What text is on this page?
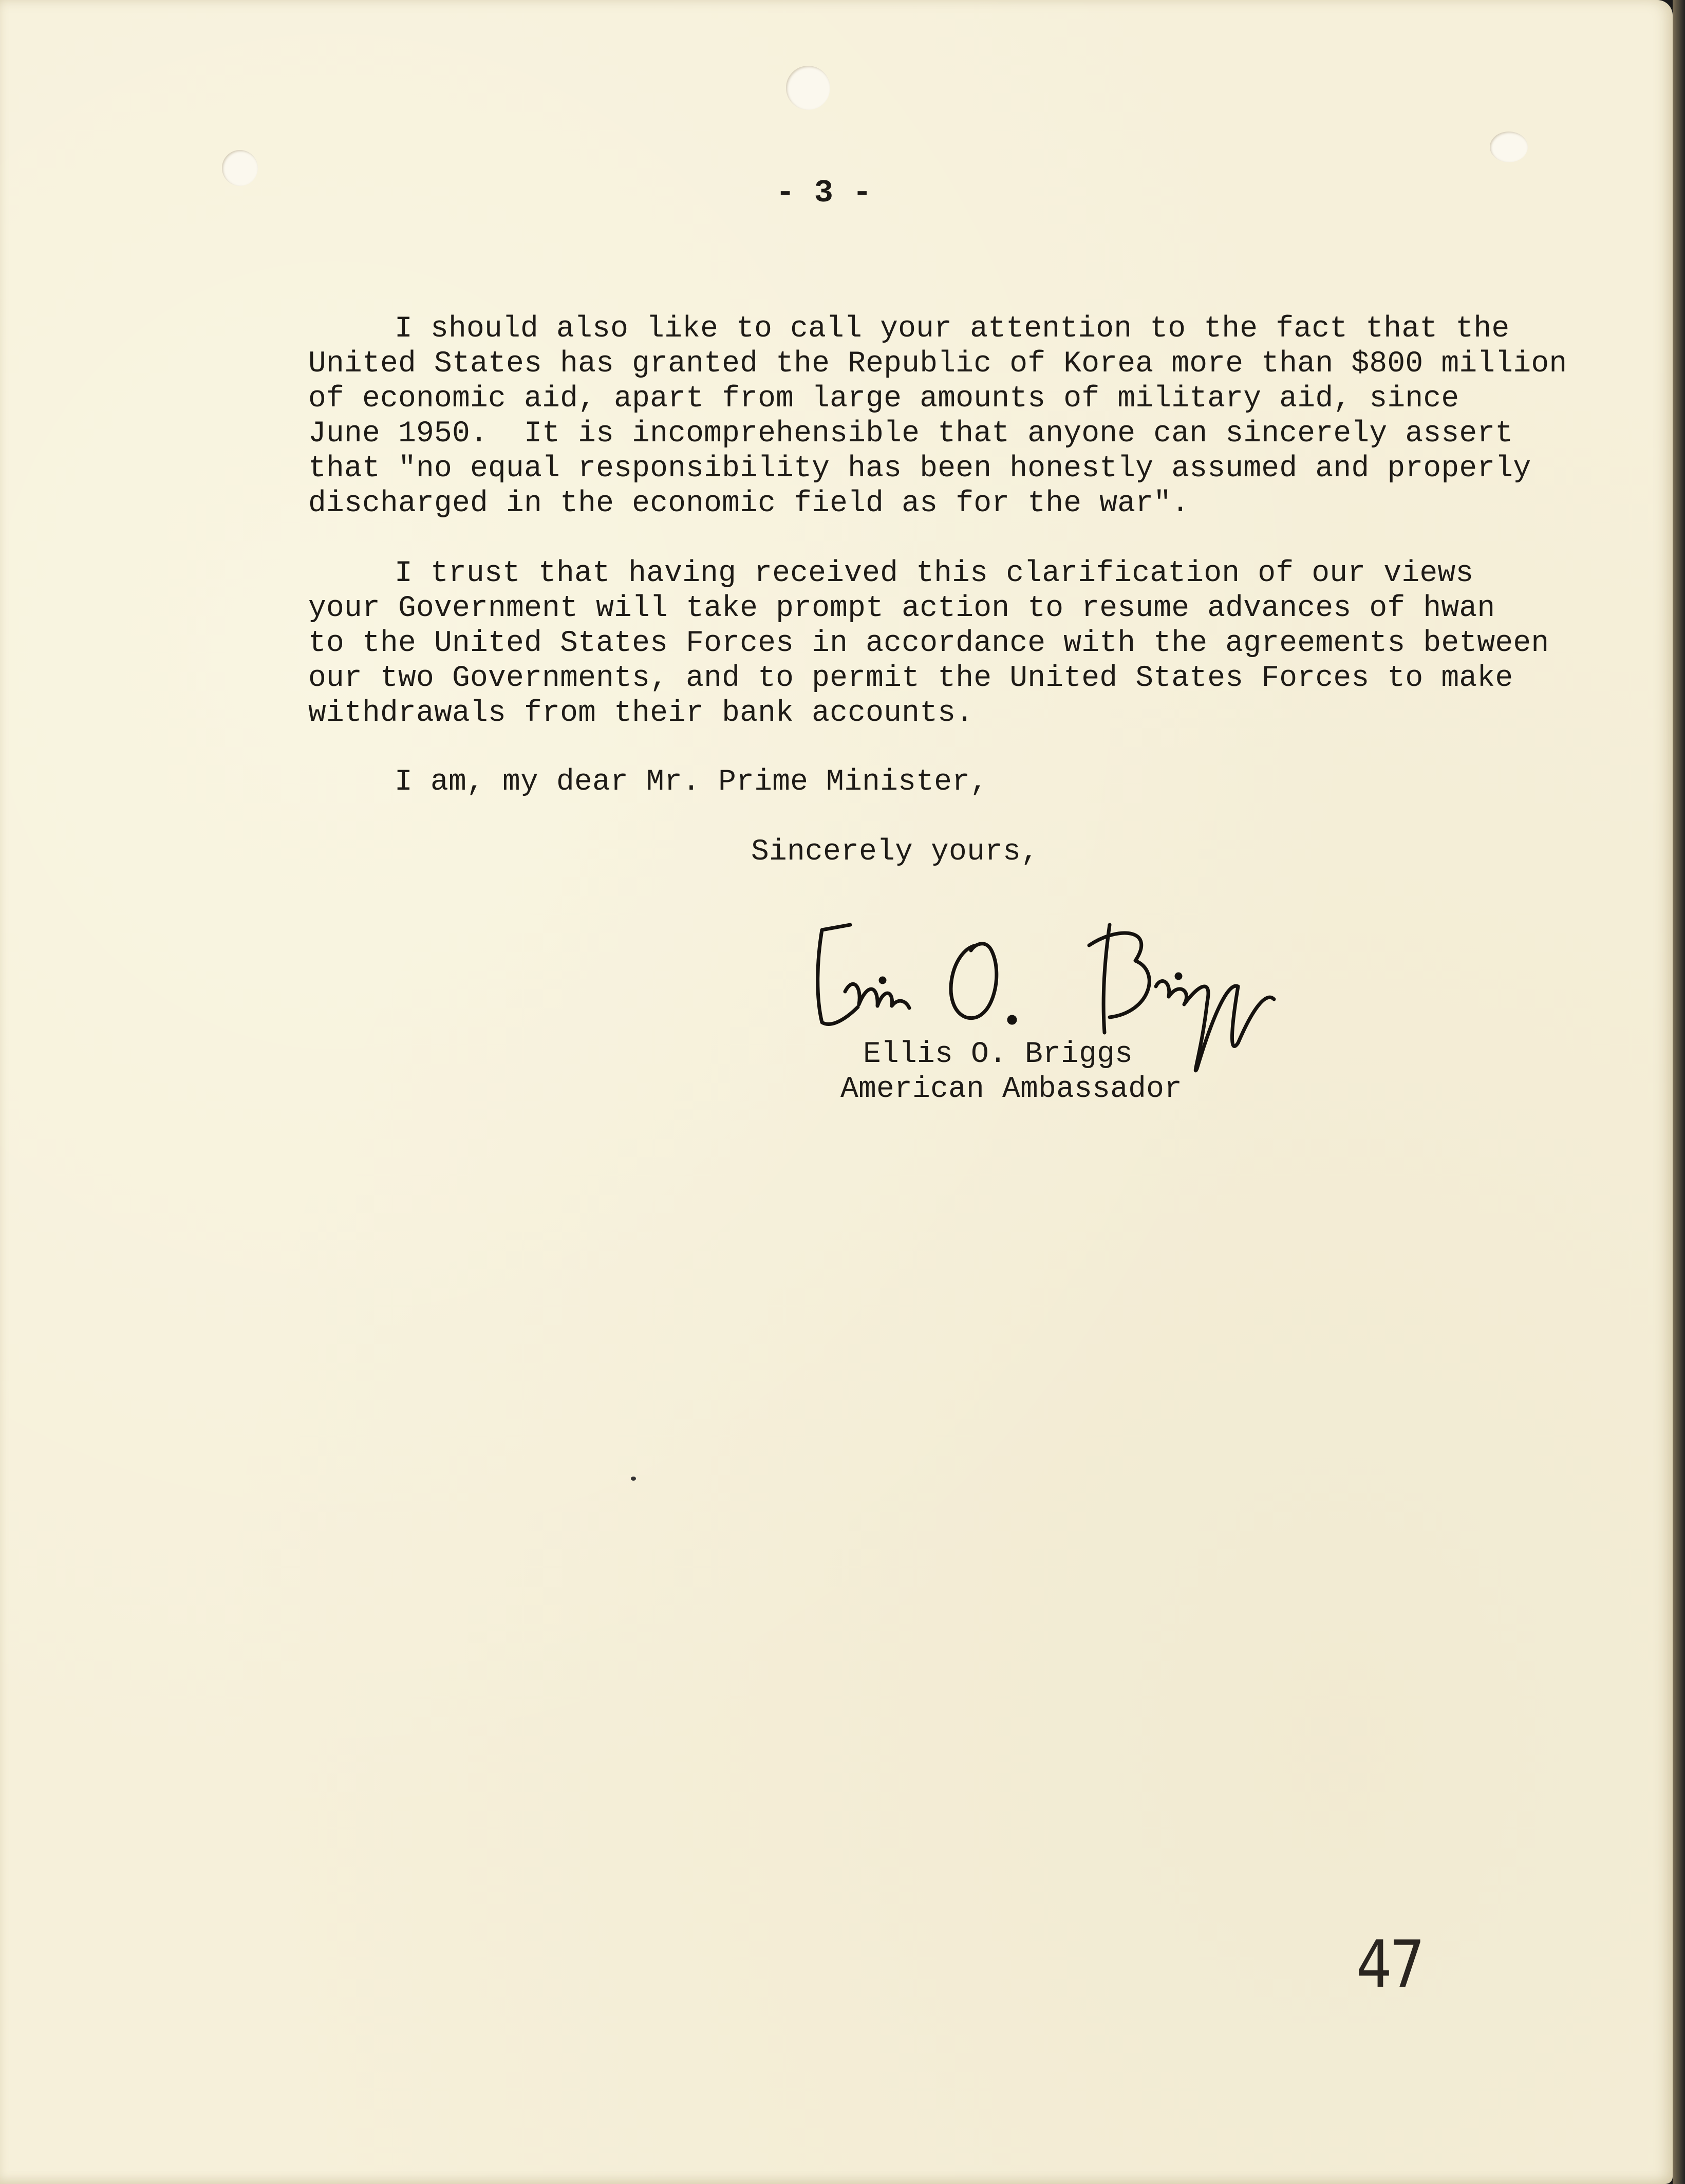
- 3 -
I should also like to call your attention to the fact that the
United States has granted the Republic of Korea more than $800 million
of economic aid, apart from large amounts of military aid, since
June 1950.  It is incomprehensible that anyone can sincerely assert
that "no equal responsibility has been honestly assumed and properly
discharged in the economic field as for the war".
I trust that having received this clarification of our views
your Government will take prompt action to resume advances of hwan
to the United States Forces in accordance with the agreements between
our two Governments, and to permit the United States Forces to make
withdrawals from their bank accounts.
I am, my dear Mr. Prime Minister,
Sincerely yours,
Ellis O. Briggs
American Ambassador
47
